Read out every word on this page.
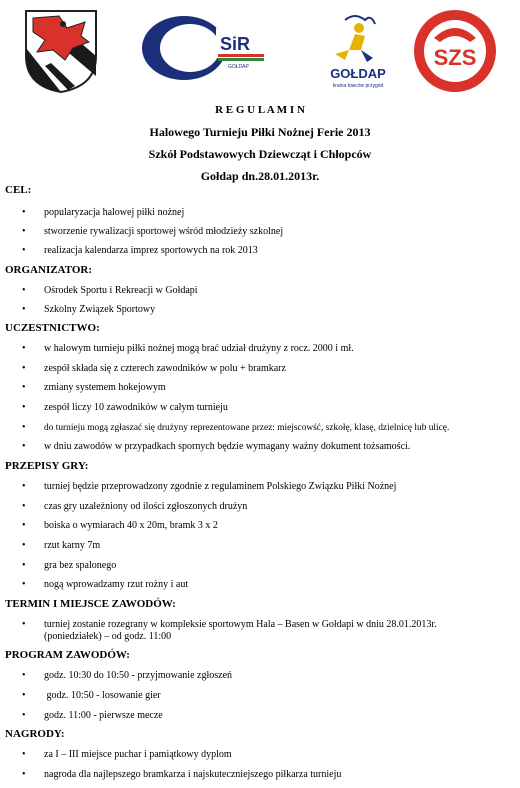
SiR
GOŁDAP	GOŁDAP
kraina łowców przygód
SZS
R E G U L A M I N
Halowego Turnieju Piłki Nożnej Ferie 2013
Szkół Podstawowych Dziewcząt i Chłopców
Gołdap dn.28.01.2013r.
CEL:
•	popularyzacja halowej piłki nożnej
•	stworzenie rywalizacji sportowej wśród młodzieży szkolnej
•	realizacja kalendarza imprez sportowych na rok 2013
ORGANIZATOR:
•	Ośrodek Sportu i Rekreacji w Gołdapi
•	Szkolny Związek Sportowy
UCZESTNICTWO:
•	w halowym turnieju piłki nożnej mogą brać udział drużyny z rocz. 2000 i mł.
•	zespół składa się z czterech zawodników w polu + bramkarz
•	zmiany systemem hokejowym
•	zespół liczy 10 zawodników w całym turnieju
•	do turnieju mogą zgłaszać się drużyny reprezentowane przez: miejscowść, szkołę, klasę, dzielnicę lub ulicę.
•	w dniu zawodów w przypadkach spornych będzie wymagany ważny dokument tożsamości.
PRZEPISY GRY:
•	turniej będzie przeprowadzony zgodnie z regulaminem Polskiego Związku Piłki Nożnej
•	czas gry uzależniony od ilości zgłoszonych drużyn
•	boiska o wymiarach 40 x 20m, bramk 3 x 2
•	rzut karny 7m
•	gra bez spalonego
•	nogą wprowadzamy rzut rożny i aut
TERMIN I MIEJSCE ZAWODÓW:
•	turniej zostanie rozegrany w kompleksie sportowym Hala – Basen w Gołdapi w dniu 28.01.2013r. (poniedziałek) – od godz. 11:00
PROGRAM ZAWODÓW:
•	godz. 10:30 do 10:50 - przyjmowanie zgłoszeń
•	godz. 10:50 - losowanie gier
•	godz. 11:00 - pierwsze mecze
NAGRODY:
•	za I – III miejsce puchar i pamiątkowy dyplom
•	nagroda dla najlepszego bramkarza i najskuteczniejszego piłkarza turnieju
